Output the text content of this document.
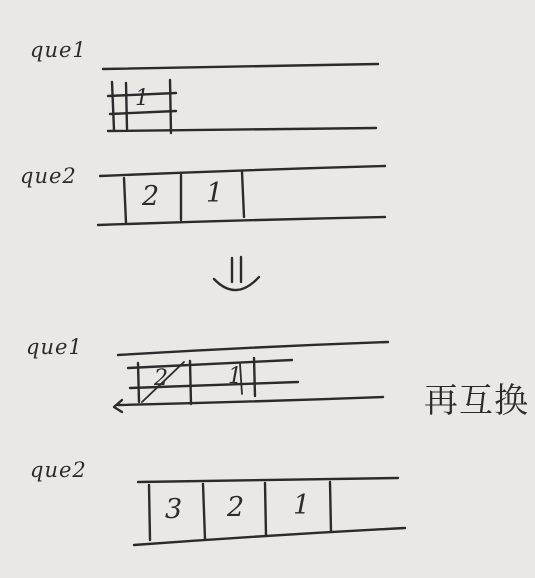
que1
que2
que1
que2
1
2 1
2	1
3 2 1
再互换
